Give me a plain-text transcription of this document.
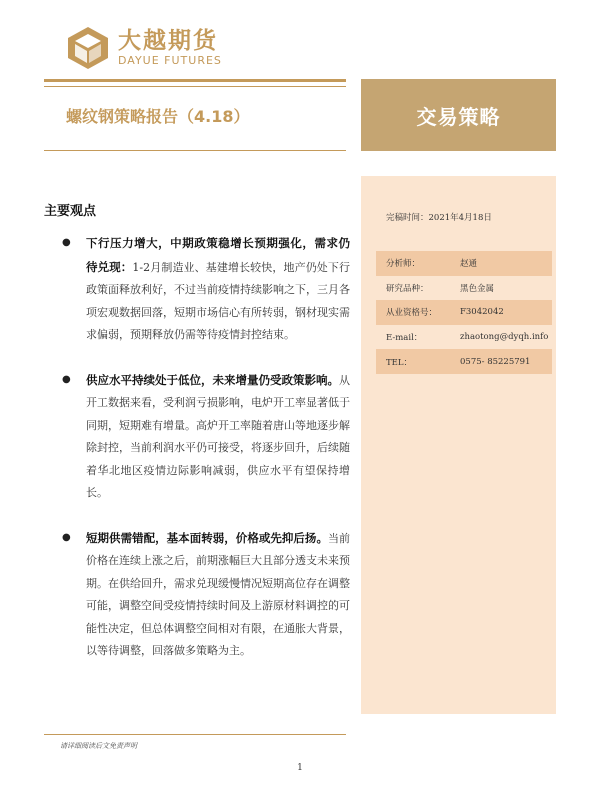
大越期货
DAYUE FUTURES
螺纹钢策略报告（4.18）	交易策略
完稿时间：2021年4月18日
分析师：	赵通
研究品种：	黑色金属
从业资格号：	F3042042
E-mail：	zhaotong@dyqh.info
TEL：	0575- 85225791
主要观点
● 下行压力增大，中期政策稳增长预期强化，需求仍待兑现：1-2月制造业、基建增长较快，地产仍处下行政策面释放利好，不过当前疫情持续影响之下，三月各项宏观数据回落，短期市场信心有所转弱，钢材现实需求偏弱，预期释放仍需等待疫情封控结束。
● 供应水平持续处于低位，未来增量仍受政策影响。从开工数据来看，受利润亏损影响，电炉开工率显著低于同期，短期难有增量。高炉开工率随着唐山等地逐步解除封控，当前利润水平仍可接受，将逐步回升，后续随着华北地区疫情边际影响减弱，供应水平有望保持增长。
● 短期供需错配，基本面转弱，价格或先抑后扬。当前价格在连续上涨之后，前期涨幅巨大且部分透支未来预期。在供给回升，需求兑现缓慢情况短期高位存在调整可能，调整空间受疫情持续时间及上游原材料调控的可能性决定，但总体调整空间相对有限，在通胀大背景，以等待调整，回落做多策略为主。
请详细阅读后文免责声明
1
